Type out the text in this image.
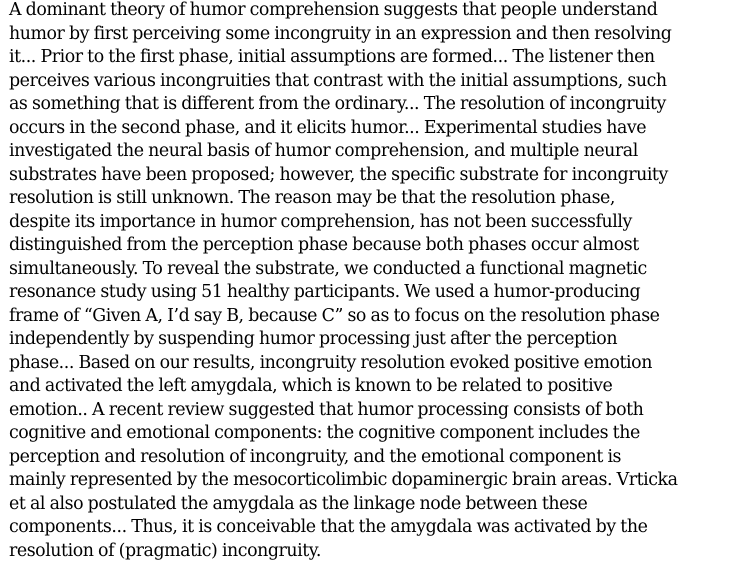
A dominant theory of humor comprehension suggests that people understand
humor by first perceiving some incongruity in an expression and then resolving
it... Prior to the first phase, initial assumptions are formed... The listener then
perceives various incongruities that contrast with the initial assumptions, such
as something that is different from the ordinary... The resolution of incongruity
occurs in the second phase, and it elicits humor... Experimental studies have
investigated the neural basis of humor comprehension, and multiple neural
substrates have been proposed; however, the specific substrate for incongruity
resolution is still unknown. The reason may be that the resolution phase,
despite its importance in humor comprehension, has not been successfully
distinguished from the perception phase because both phases occur almost
simultaneously. To reveal the substrate, we conducted a functional magnetic
resonance study using 51 healthy participants. We used a humor-producing
frame of “Given A, I’d say B, because C” so as to focus on the resolution phase
independently by suspending humor processing just after the perception
phase... Based on our results, incongruity resolution evoked positive emotion
and activated the left amygdala, which is known to be related to positive
emotion.. A recent review suggested that humor processing consists of both
cognitive and emotional components: the cognitive component includes the
perception and resolution of incongruity, and the emotional component is
mainly represented by the mesocorticolimbic dopaminergic brain areas. Vrticka
et al also postulated the amygdala as the linkage node between these
components... Thus, it is conceivable that the amygdala was activated by the
resolution of (pragmatic) incongruity.
